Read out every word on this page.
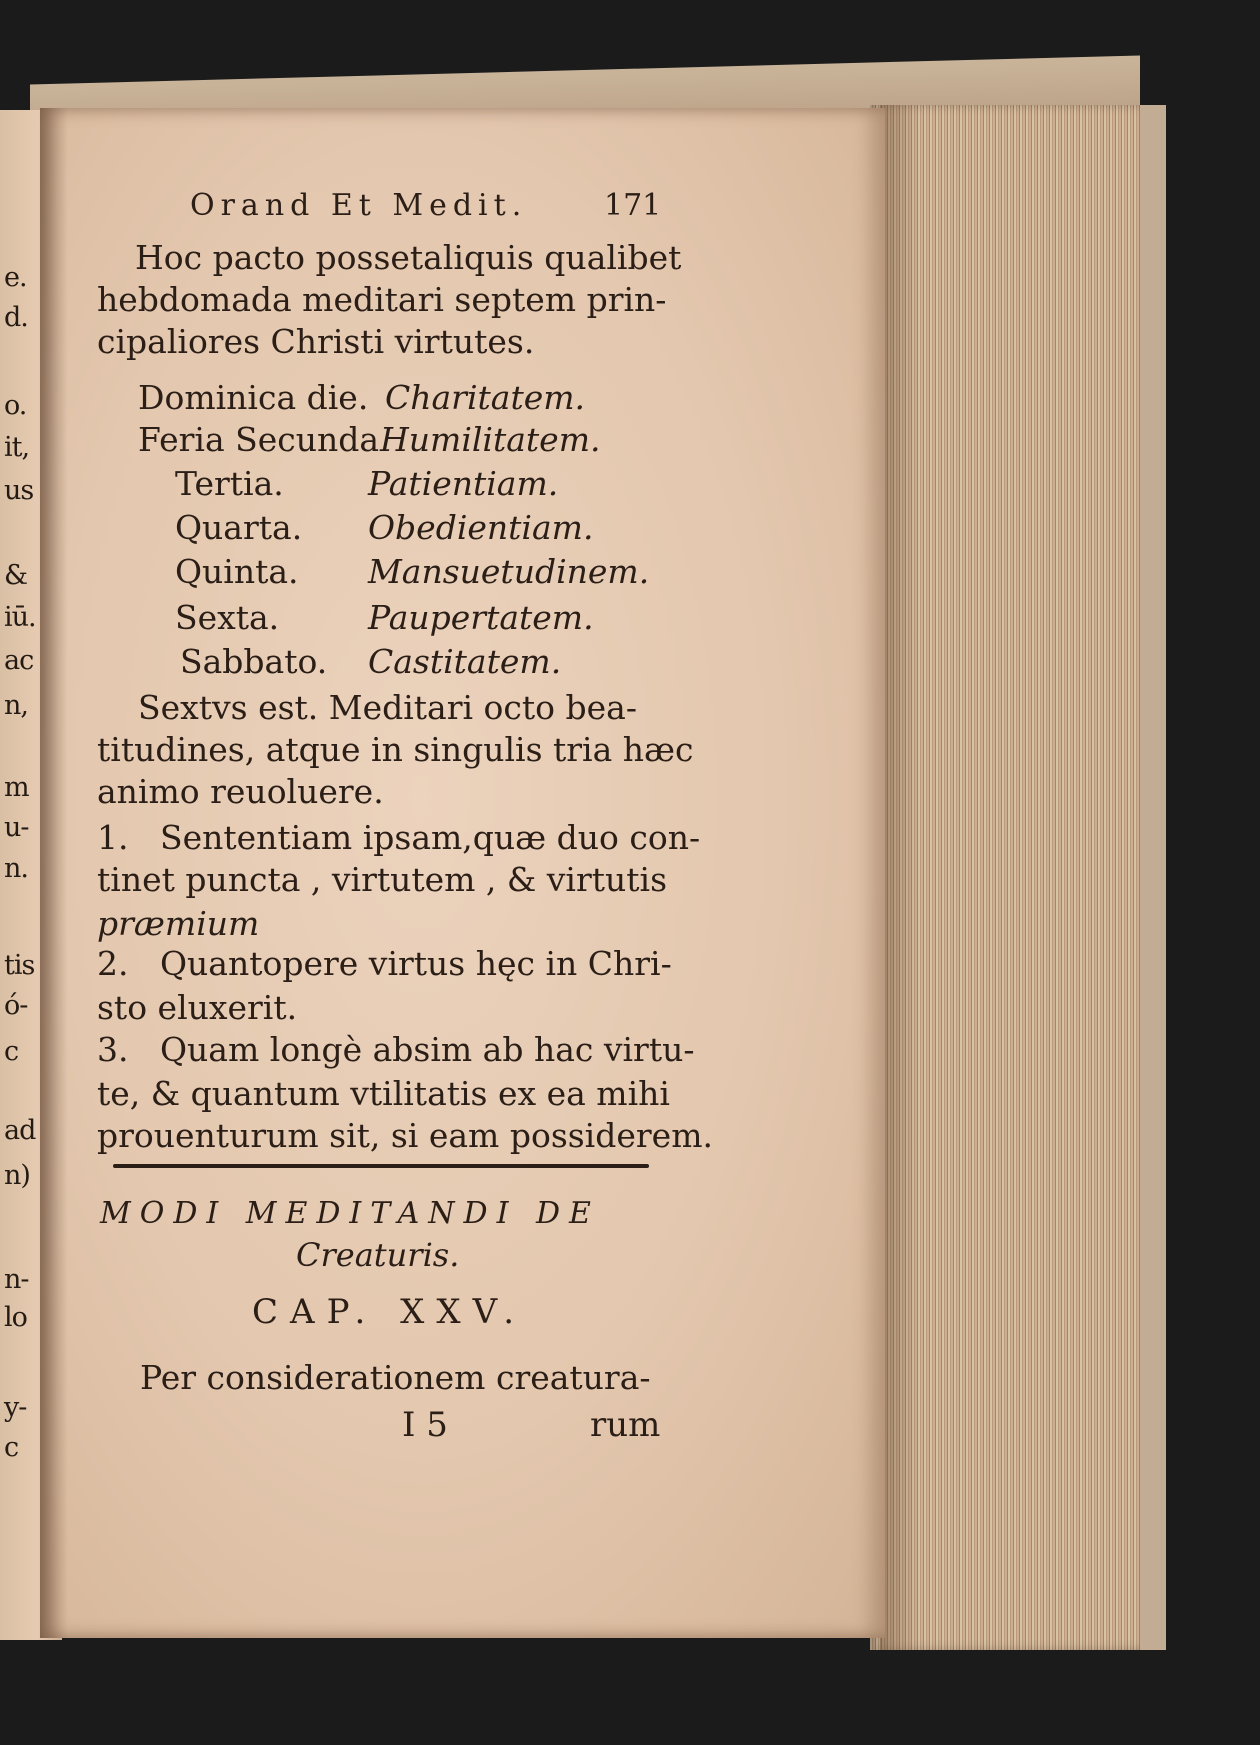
e.
d.
o.
it,
us
&
iū.
ac
n,
m
u-
n.
tis
ó-
c
ad
n)
n-
lo
y-
c
Orand Et Medit.	171
Hoc pacto possetaliquis qualibet
hebdomada meditari septem prin-
cipaliores Christi virtutes.
Dominica die. Charitatem.
Feria Secunda Humilitatem.
Tertia.	Patientiam.
Quarta. Obedientiam.
Quinta. Mansuetudinem.
Sexta.	Paupertatem.
Sabbato. Castitatem.
Sextvs est. Meditari octo bea-
titudines, atque in singulis tria hæc
animo reuoluere.
1. Sententiam ipsam,quæ duo con-
tinet puncta , virtutem , & virtutis
præmium
2. Quantopere virtus hęc in Chri-
sto eluxerit.
3. Quam longè absim ab hac virtu-
te, & quantum vtilitatis ex ea mihi
prouenturum sit, si eam possiderem.
MODI MEDITANDI DE
Creaturis.
CAP. XXV.
Per considerationem creatura-
I 5	rum
